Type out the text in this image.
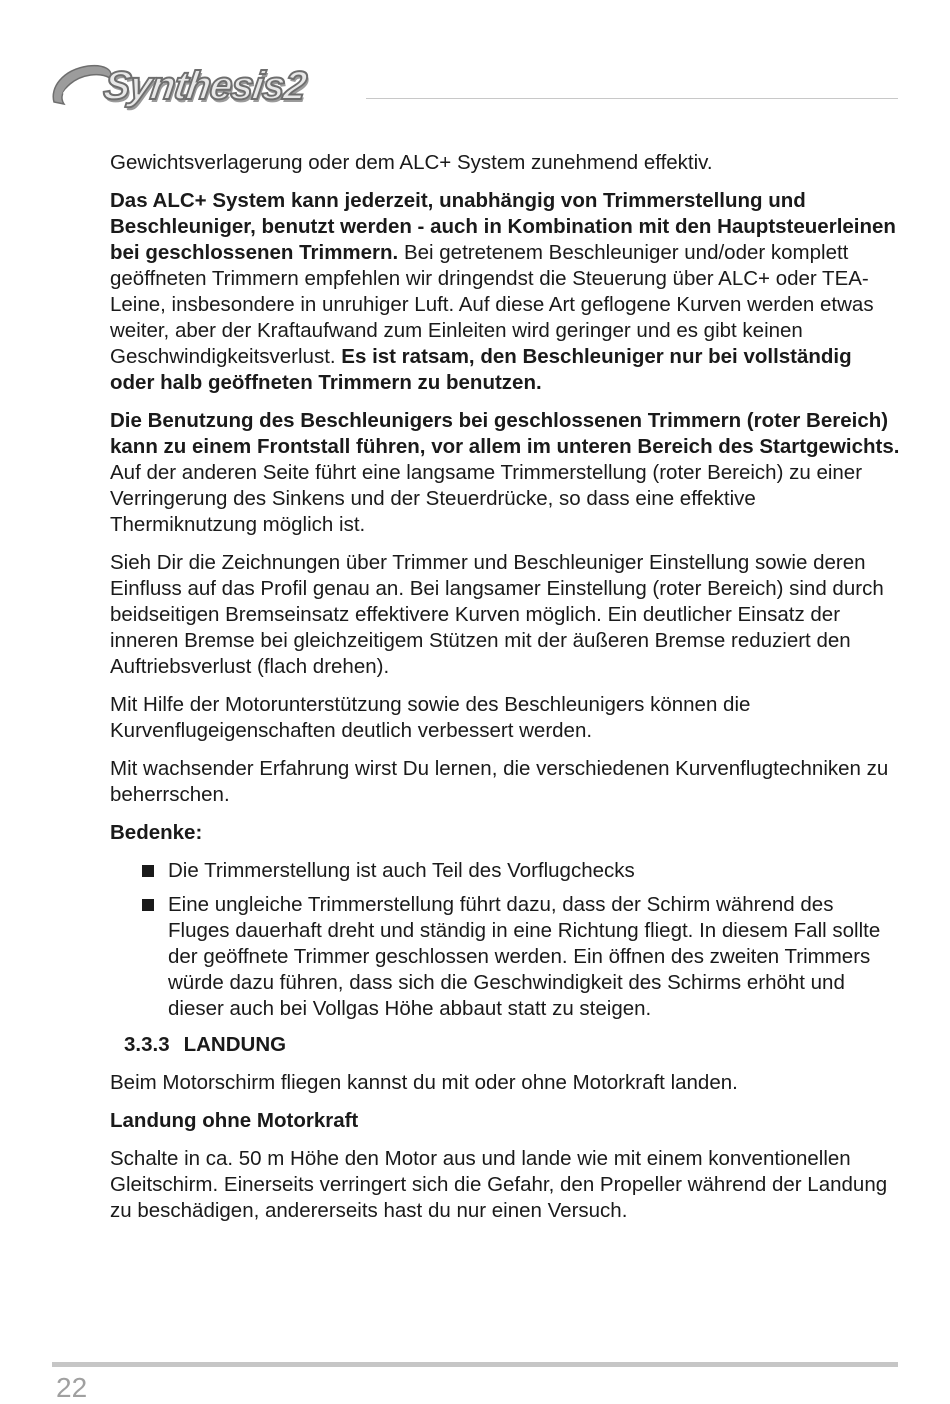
Synthesis2

Gewichtsverlagerung oder dem ALC+ System zunehmend effektiv.

Das ALC+ System kann jederzeit, unabhängig von Trimmerstellung und Beschleuniger, benutzt werden - auch in Kombination mit den Hauptsteuerleinen bei geschlossenen Trimmern. Bei getretenem Beschleuniger und/oder komplett geöffneten Trimmern empfehlen wir dringendst die Steuerung über ALC+ oder TEA-Leine, insbesondere in unruhiger Luft. Auf diese Art geflogene Kurven werden etwas weiter, aber der Kraftaufwand zum Einleiten wird geringer und es gibt keinen Geschwindigkeitsverlust. Es ist ratsam, den Beschleuniger nur bei vollständig oder halb geöffneten Trimmern zu benutzen.

Die Benutzung des Beschleunigers bei geschlossenen Trimmern (roter Bereich) kann zu einem Frontstall führen, vor allem im unteren Bereich des Startgewichts. Auf der anderen Seite führt eine langsame Trimmerstellung (roter Bereich) zu einer Verringerung des Sinkens und der Steuerdrücke, so dass eine effektive Thermiknutzung möglich ist.

Sieh Dir die Zeichnungen über Trimmer und Beschleuniger Einstellung sowie deren Einfluss auf das Profil genau an. Bei langsamer Einstellung (roter Bereich) sind durch beidseitigen Bremseinsatz effektivere Kurven möglich. Ein deutlicher Einsatz der inneren Bremse bei gleichzeitigem Stützen mit der äußeren Bremse reduziert den Auftriebsverlust (flach drehen).

Mit Hilfe der Motorunterstützung sowie des Beschleunigers können die Kurvenflugeigenschaften deutlich verbessert werden.

Mit wachsender Erfahrung wirst Du lernen, die verschiedenen Kurvenflugtechniken zu beherrschen.

Bedenke:
Die Trimmerstellung ist auch Teil des Vorflugchecks
Eine ungleiche Trimmerstellung führt dazu, dass der Schirm während des Fluges dauerhaft dreht und ständig in eine Richtung fliegt. In diesem Fall sollte der geöffnete Trimmer geschlossen werden. Ein öffnen des zweiten Trimmers würde dazu führen, dass sich die Geschwindigkeit des Schirms erhöht und dieser auch bei Vollgas Höhe abbaut statt zu steigen.
3.3.3 LANDUNG

Beim Motorschirm fliegen kannst du mit oder ohne Motorkraft landen.

Landung ohne Motorkraft

Schalte in ca. 50 m Höhe den Motor aus und lande wie mit einem konventionellen Gleitschirm. Einerseits verringert sich die Gefahr, den Propeller während der Landung zu beschädigen, andererseits hast du nur einen Versuch.

22
